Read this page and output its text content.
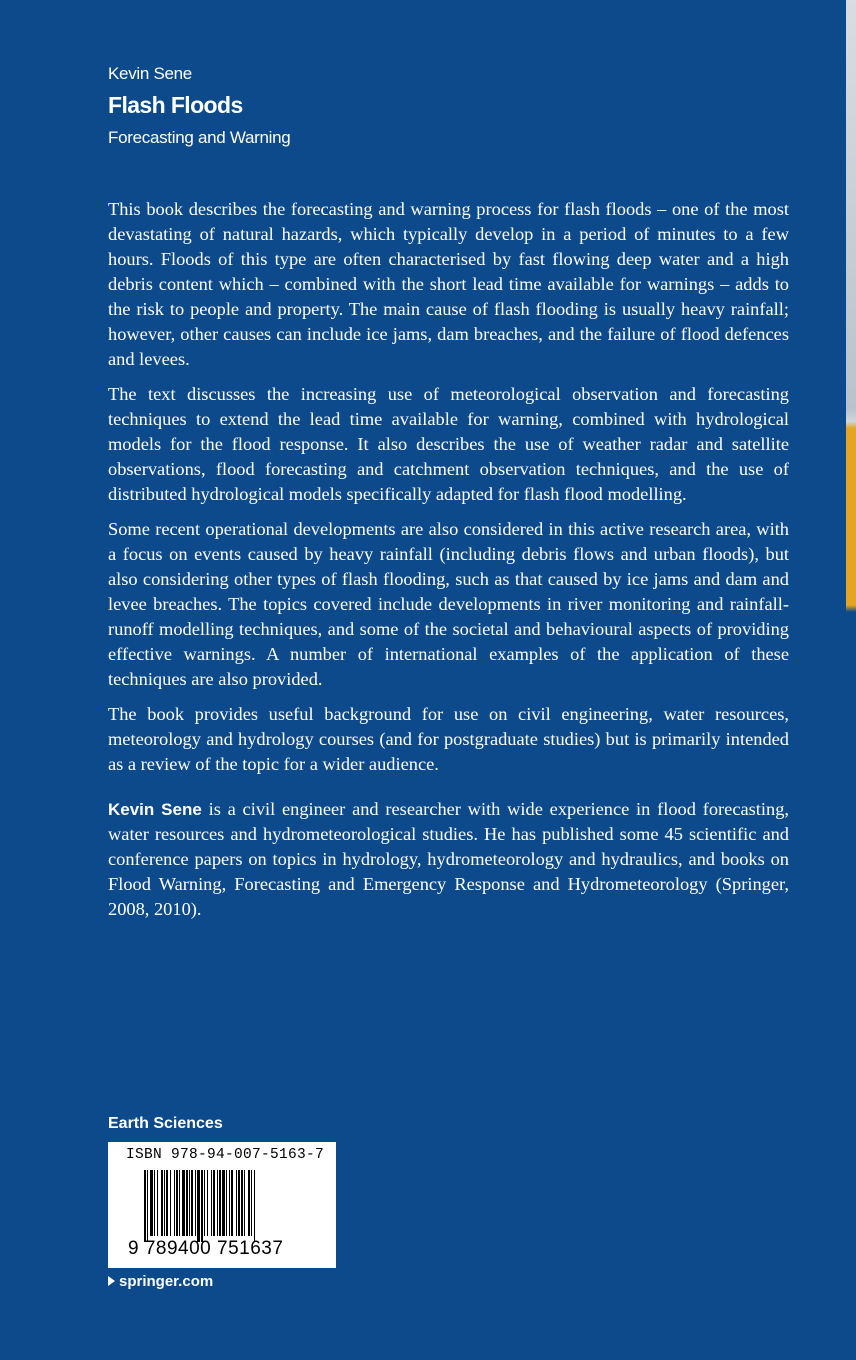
Kevin Sene
Flash Floods
Forecasting and Warning

This book describes the forecasting and warning process for flash floods – one of the most devastating of natural hazards, which typically develop in a period of minutes to a few hours. Floods of this type are often characterised by fast flowing deep water and a high debris content which – combined with the short lead time available for warnings – adds to the risk to people and property. The main cause of flash flooding is usually heavy rainfall; however, other causes can include ice jams, dam breaches, and the failure of flood defences and levees.

The text discusses the increasing use of meteorological observation and forecasting techniques to extend the lead time available for warning, combined with hydrological models for the flood response. It also describes the use of weather radar and satellite observations, flood forecasting and catchment observation techniques, and the use of distributed hydrological models specifically adapted for flash flood modelling.

Some recent operational developments are also considered in this active research area, with a focus on events caused by heavy rainfall (including debris flows and urban floods), but also considering other types of flash flooding, such as that caused by ice jams and dam and levee breaches. The topics covered include developments in river monitoring and rainfall-runoff modelling techniques, and some of the societal and behavioural aspects of providing effective warnings. A number of international examples of the application of these techniques are also provided.

The book provides useful background for use on civil engineering, water resources, meteorology and hydrology courses (and for postgraduate studies) but is primarily intended as a review of the topic for a wider audience.

Kevin Sene is a civil engineer and researcher with wide experience in flood forecasting, water resources and hydrometeorological studies. He has published some 45 scientific and conference papers on topics in hydrology, hydrometeorology and hydraulics, and books on Flood Warning, Forecasting and Emergency Response and Hydrometeorology (Springer, 2008, 2010).

Earth Sciences
ISBN 978-94-007-5163-7
9 789400 751637
springer.com
